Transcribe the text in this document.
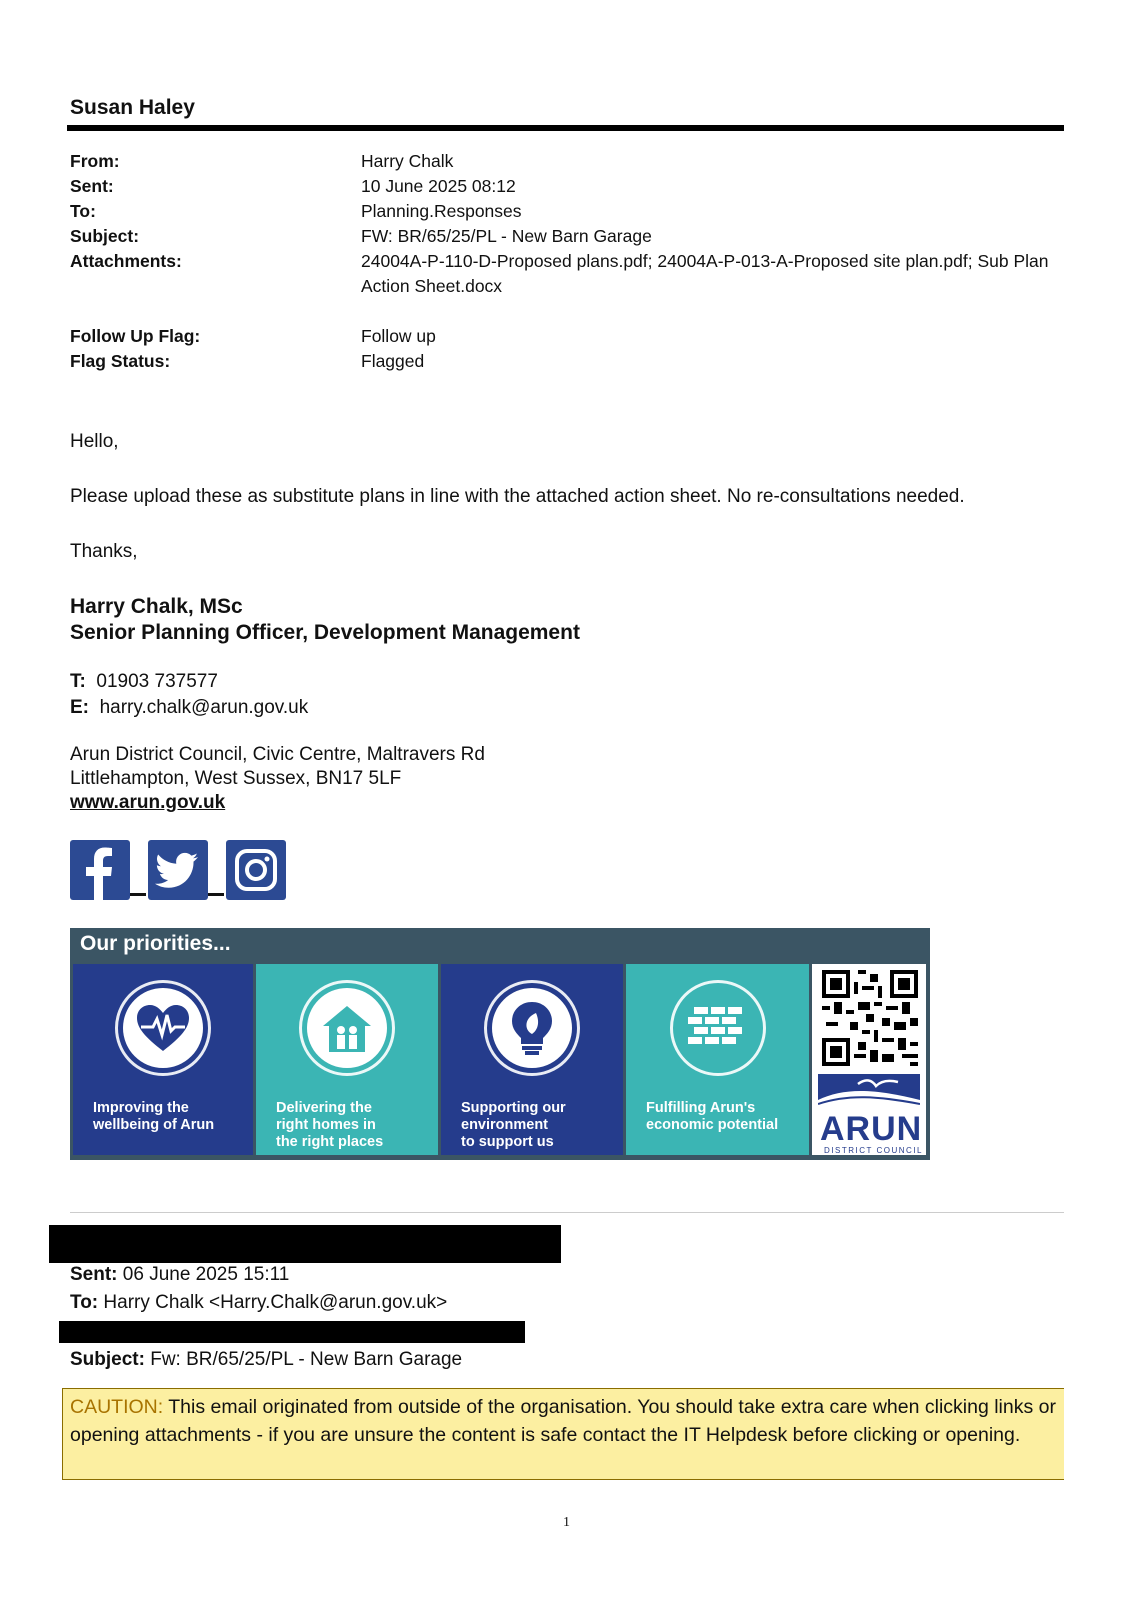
Susan Haley
From:	Harry Chalk
Sent:	10 June 2025 08:12
To:	Planning.Responses
Subject:	FW: BR/65/25/PL - New Barn Garage
Attachments:	24004A-P-110-D-Proposed plans.pdf; 24004A-P-013-A-Proposed site plan.pdf; Sub Plan Action Sheet.docx
Follow Up Flag:	Follow up
Flag Status:	Flagged
Hello,
Please upload these as substitute plans in line with the attached action sheet. No re-consultations needed.
Thanks,
Harry Chalk, MSc
Senior Planning Officer, Development Management
T: 01903 737577
E: harry.chalk@arun.gov.uk
Arun District Council, Civic Centre, Maltravers Rd
Littlehampton, West Sussex, BN17 5LF
www.arun.gov.uk
Our priorities...
Improving the
wellbeing of Arun
Delivering the
right homes in
the right places
Supporting our
environment
to support us
Fulfilling Arun's
economic potential ARUN
DISTRICT COUNCIL
Sent: 06 June 2025 15:11
To: Harry Chalk <Harry.Chalk@arun.gov.uk>
Subject: Fw: BR/65/25/PL - New Barn Garage
CAUTION: This email originated from outside of the organisation. You should take extra care when clicking links or opening attachments - if you are unsure the content is safe contact the IT Helpdesk before clicking or opening.
1
